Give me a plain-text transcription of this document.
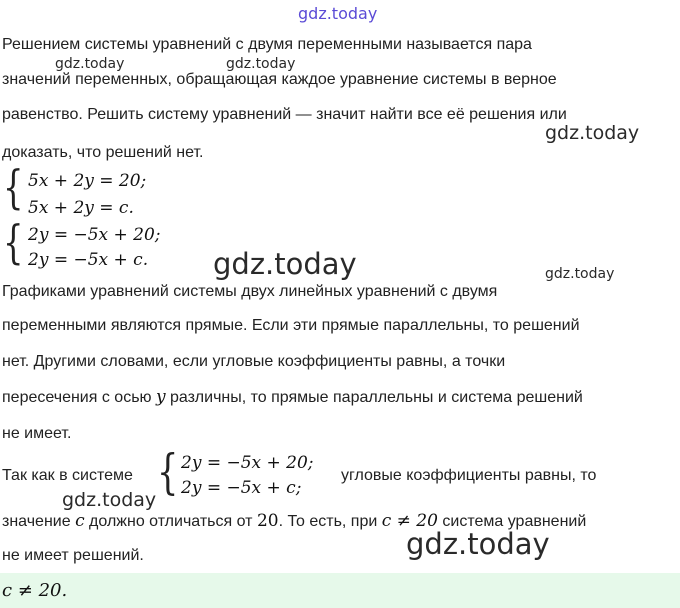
gdz.today
gdz.today	gdz.today
gdz.today
gdz.today	gdz.today
gdz.today
gdz.today
Решением системы уравнений с двумя переменными называется пара
значений переменных, обращающая каждое уравнение системы в верное
равенство. Решить систему уравнений — значит найти все её решения или
доказать, что решений нет.
{
{
5x + 2y = 20;
5x + 2y = c.
2y = −5x + 20;
2y = −5x + c.
Графиками уравнений системы двух линейных уравнений с двумя
переменными являются прямые. Если эти прямые параллельны, то решений
нет. Другими словами, если угловые коэффициенты равны, а точки
пересечения с осью y различны, то прямые параллельны и система решений
не имеет.
Так как в системе { 2y = −5x + 20;
2y = −5x + c;
угловые коэффициенты равны, то
значение c должно отличаться от 20. То есть, при c ≠ 20 система уравнений
не имеет решений.
c ≠ 20.
